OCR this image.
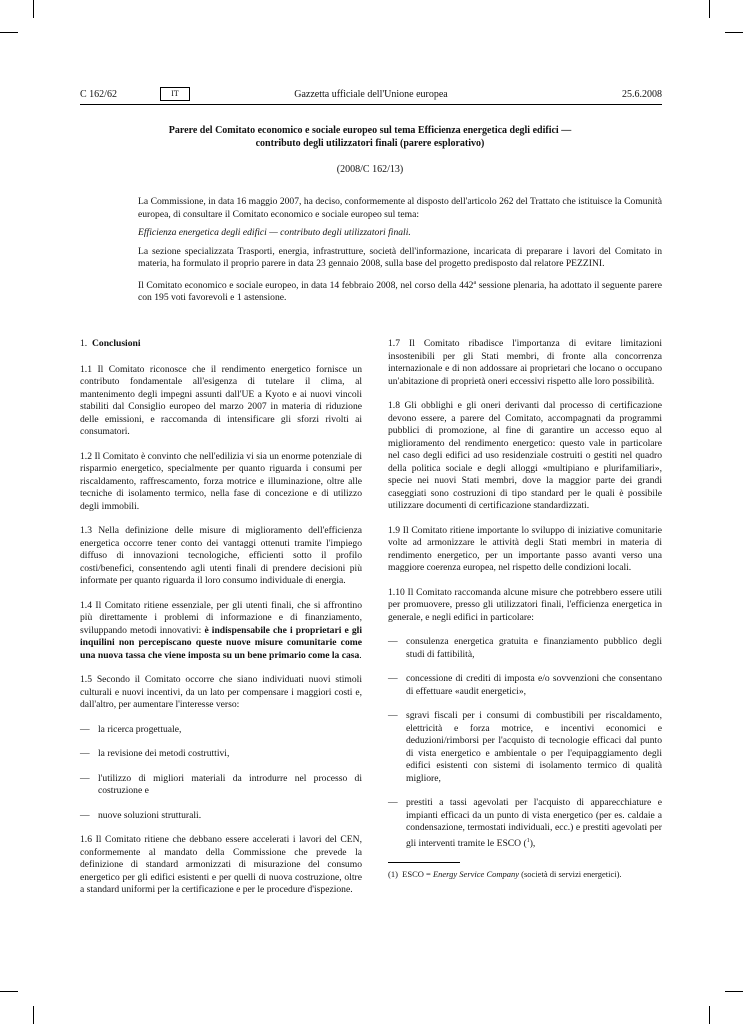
C 162/62	IT	Gazzetta ufficiale dell'Unione europea	25.6.2008
Parere del Comitato economico e sociale europeo sul tema Efficienza energetica degli edifici —
contributo degli utilizzatori finali (parere esplorativo)
(2008/C 162/13)

La Commissione, in data 16 maggio 2007, ha deciso, conformemente al disposto dell'articolo 262 del Trattato che istituisce la Comunità europea, di consultare il Comitato economico e sociale europeo sul tema:

Efficienza energetica degli edifici — contributo degli utilizzatori finali.

La sezione specializzata Trasporti, energia, infrastrutture, società dell'informazione, incaricata di preparare i lavori del Comitato in materia, ha formulato il proprio parere in data 23 gennaio 2008, sulla base del progetto predisposto dal relatore PEZZINI.

Il Comitato economico e sociale europeo, in data 14 febbraio 2008, nel corso della 442$^a$ sessione plenaria, ha adottato il seguente parere con 195 voti favorevoli e 1 astensione.

1. Conclusioni

1.1 Il Comitato riconosce che il rendimento energetico fornisce un contributo fondamentale all'esigenza di tutelare il clima, al mantenimento degli impegni assunti dall'UE a Kyoto e ai nuovi vincoli stabiliti dal Consiglio europeo del marzo 2007 in materia di riduzione delle emissioni, e raccomanda di intensificare gli sforzi rivolti ai consumatori.

1.2 Il Comitato è convinto che nell'edilizia vi sia un enorme potenziale di risparmio energetico, specialmente per quanto riguarda i consumi per riscaldamento, raffrescamento, forza motrice e illuminazione, oltre alle tecniche di isolamento termico, nella fase di concezione e di utilizzo degli immobili.

1.3 Nella definizione delle misure di miglioramento dell'efficienza energetica occorre tener conto dei vantaggi ottenuti tramite l'impiego diffuso di innovazioni tecnologiche, efficienti sotto il profilo costi/benefici, consentendo agli utenti finali di prendere decisioni più informate per quanto riguarda il loro consumo individuale di energia.

1.4 Il Comitato ritiene essenziale, per gli utenti finali, che si affrontino più direttamente i problemi di informazione e di finanziamento, sviluppando metodi innovativi: è indispensabile che i proprietari e gli inquilini non percepiscano queste nuove misure comunitarie come una nuova tassa che viene imposta su un bene primario come la casa.

1.5 Secondo il Comitato occorre che siano individuati nuovi stimoli culturali e nuovi incentivi, da un lato per compensare i maggiori costi e, dall'altro, per aumentare l'interesse verso:

— la ricerca progettuale,
— la revisione dei metodi costruttivi,
— l'utilizzo di migliori materiali da introdurre nel processo di costruzione e
— nuove soluzioni strutturali.

1.6 Il Comitato ritiene che debbano essere accelerati i lavori del CEN, conformemente al mandato della Commissione che prevede la definizione di standard armonizzati di misurazione del consumo energetico per gli edifici esistenti e per quelli di nuova costruzione, oltre a standard uniformi per la certificazione e per le procedure d'ispezione.

1.7 Il Comitato ribadisce l'importanza di evitare limitazioni insostenibili per gli Stati membri, di fronte alla concorrenza internazionale e di non addossare ai proprietari che locano o occupano un'abitazione di proprietà oneri eccessivi rispetto alle loro possibilità.

1.8 Gli obblighi e gli oneri derivanti dal processo di certificazione devono essere, a parere del Comitato, accompagnati da programmi pubblici di promozione, al fine di garantire un accesso equo al miglioramento del rendimento energetico: questo vale in particolare nel caso degli edifici ad uso residenziale costruiti o gestiti nel quadro della politica sociale e degli alloggi «multipiano e plurifamiliari», specie nei nuovi Stati membri, dove la maggior parte dei grandi caseggiati sono costruzioni di tipo standard per le quali è possibile utilizzare documenti di certificazione standardizzati.

1.9 Il Comitato ritiene importante lo sviluppo di iniziative comunitarie volte ad armonizzare le attività degli Stati membri in materia di rendimento energetico, per un importante passo avanti verso una maggiore coerenza europea, nel rispetto delle condizioni locali.

1.10 Il Comitato raccomanda alcune misure che potrebbero essere utili per promuovere, presso gli utilizzatori finali, l'efficienza energetica in generale, e negli edifici in particolare:

— consulenza energetica gratuita e finanziamento pubblico degli studi di fattibilità,
— concessione di crediti di imposta e/o sovvenzioni che consentano di effettuare «audit energetici»,
— sgravi fiscali per i consumi di combustibili per riscaldamento, elettricità e forza motrice, e incentivi economici e deduzioni/rimborsi per l'acquisto di tecnologie efficaci dal punto di vista energetico e ambientale o per l'equipaggiamento degli edifici esistenti con sistemi di isolamento termico di qualità migliore,
— prestiti a tassi agevolati per l'acquisto di apparecchiature e impianti efficaci da un punto di vista energetico (per es. caldaie a condensazione, termostati individuali, ecc.) e prestiti agevolati per gli interventi tramite le ESCO ($^1$),
(1) ESCO = Energy Service Company (società di servizi energetici).
